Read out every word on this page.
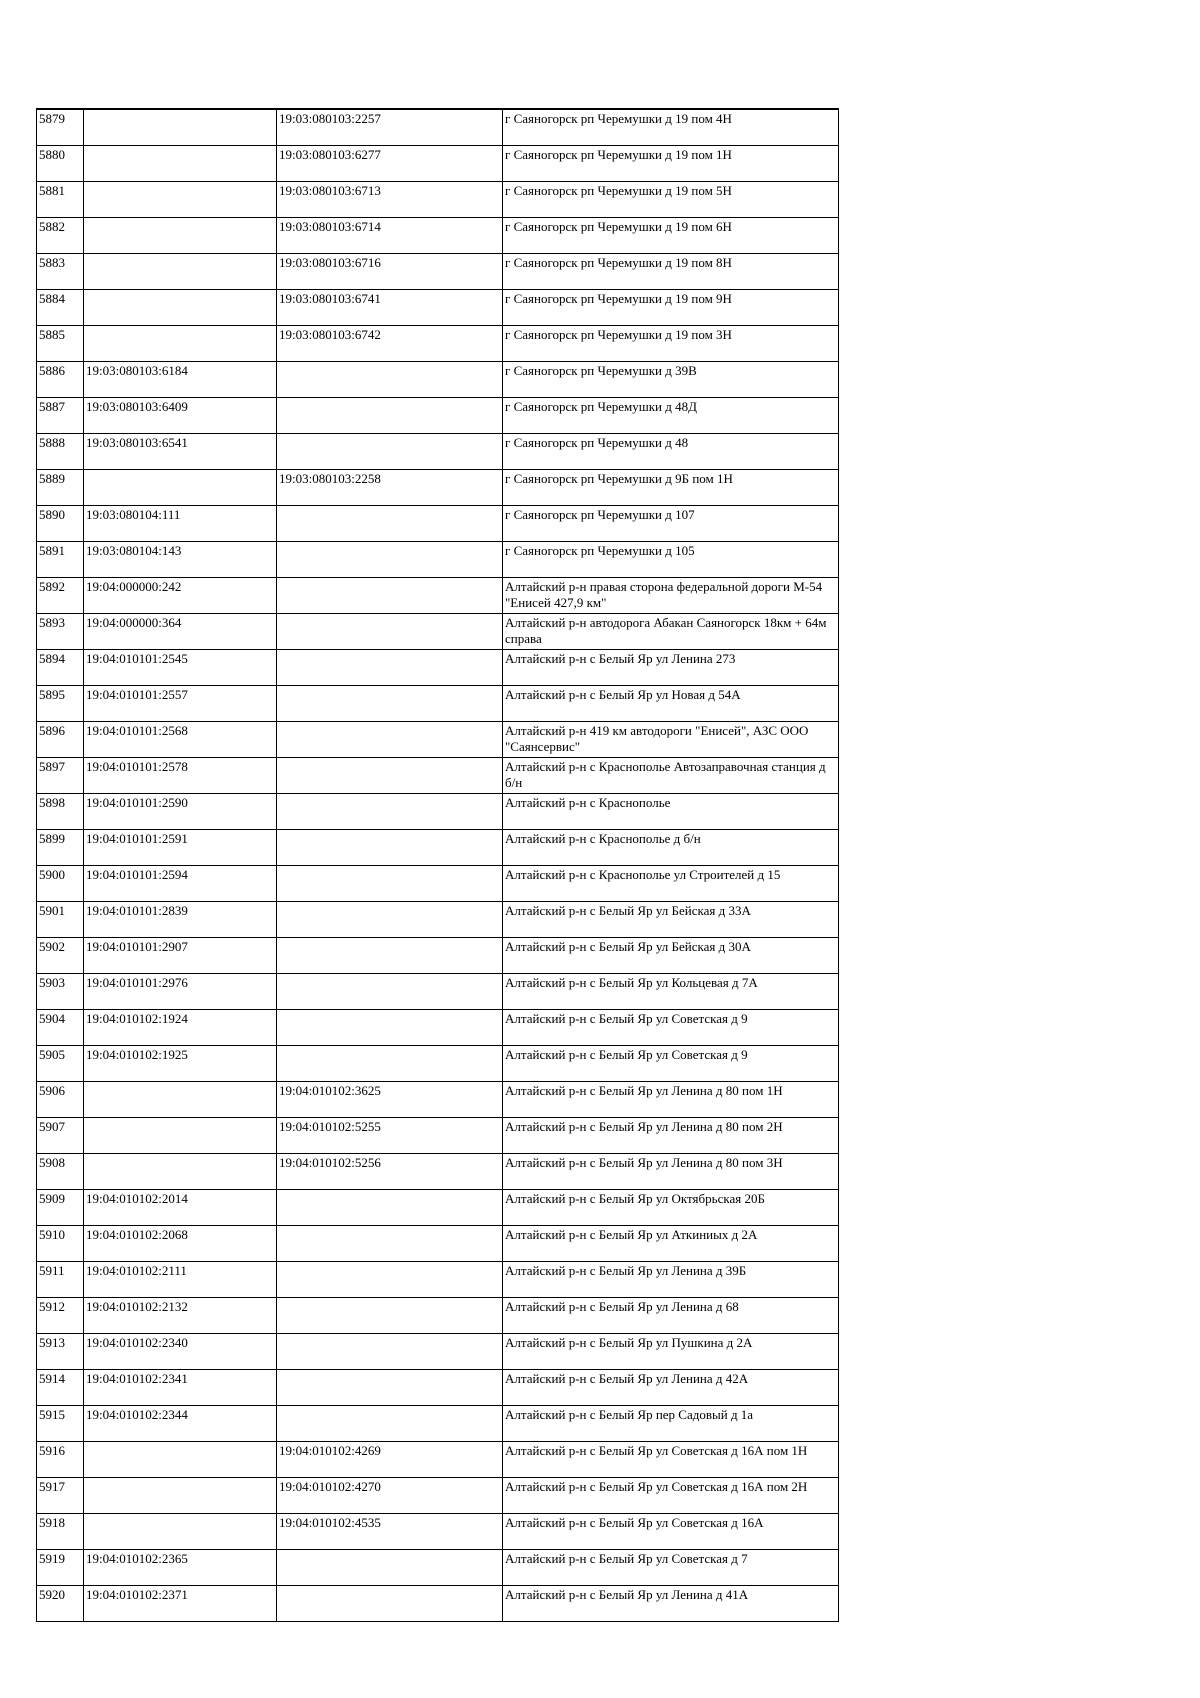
5879		19:03:080103:2257	г Саяногорск рп Черемушки д 19 пом 4Н
5880		19:03:080103:6277	г Саяногорск рп Черемушки д 19 пом 1Н
5881		19:03:080103:6713	г Саяногорск рп Черемушки д 19 пом 5Н
5882		19:03:080103:6714	г Саяногорск рп Черемушки д 19 пом 6Н
5883		19:03:080103:6716	г Саяногорск рп Черемушки д 19 пом 8Н
5884		19:03:080103:6741	г Саяногорск рп Черемушки д 19 пом 9Н
5885		19:03:080103:6742	г Саяногорск рп Черемушки д 19 пом 3Н
5886	19:03:080103:6184		г Саяногорск рп Черемушки д 39В
5887	19:03:080103:6409		г Саяногорск рп Черемушки д 48Д
5888	19:03:080103:6541		г Саяногорск рп Черемушки д 48
5889		19:03:080103:2258	г Саяногорск рп Черемушки д 9Б пом 1Н
5890	19:03:080104:111		г Саяногорск рп Черемушки д 107
5891	19:03:080104:143		г Саяногорск рп Черемушки д 105
5892	19:04:000000:242		Алтайский р-н правая сторона федеральной дороги М-54 "Енисей 427,9 км"
5893	19:04:000000:364		Алтайский р-н автодорога Абакан Саяногорск 18км + 64м справа
5894	19:04:010101:2545		Алтайский р-н с Белый Яр ул Ленина 273
5895	19:04:010101:2557		Алтайский р-н с Белый Яр ул Новая д 54А
5896	19:04:010101:2568		Алтайский р-н 419 км автодороги "Енисей", АЗС ООО "Саянсервис"
5897	19:04:010101:2578		Алтайский р-н с Краснополье Автозаправочная станция д б/н
5898	19:04:010101:2590		Алтайский р-н с Краснополье
5899	19:04:010101:2591		Алтайский р-н с Краснополье д б/н
5900	19:04:010101:2594		Алтайский р-н с Краснополье ул Строителей д 15
5901	19:04:010101:2839		Алтайский р-н с Белый Яр ул Бейская д 33А
5902	19:04:010101:2907		Алтайский р-н с Белый Яр ул Бейская д 30А
5903	19:04:010101:2976		Алтайский р-н с Белый Яр ул Кольцевая д 7А
5904	19:04:010102:1924		Алтайский р-н с Белый Яр ул Советская д 9
5905	19:04:010102:1925		Алтайский р-н с Белый Яр ул Советская д 9
5906		19:04:010102:3625	Алтайский р-н с Белый Яр ул Ленина д 80 пом 1Н
5907		19:04:010102:5255	Алтайский р-н с Белый Яр ул Ленина д 80 пом 2Н
5908		19:04:010102:5256	Алтайский р-н с Белый Яр ул Ленина д 80 пом 3Н
5909	19:04:010102:2014		Алтайский р-н с Белый Яр ул Октябрьская 20Б
5910	19:04:010102:2068		Алтайский р-н с Белый Яр ул Аткиниых д 2А
5911	19:04:010102:2111		Алтайский р-н с Белый Яр ул Ленина д 39Б
5912	19:04:010102:2132		Алтайский р-н с Белый Яр ул Ленина д 68
5913	19:04:010102:2340		Алтайский р-н с Белый Яр ул Пушкина д 2А
5914	19:04:010102:2341		Алтайский р-н с Белый Яр ул Ленина д 42А
5915	19:04:010102:2344		Алтайский р-н с Белый Яр пер Садовый д 1а
5916		19:04:010102:4269	Алтайский р-н с Белый Яр ул Советская д 16А пом 1Н
5917		19:04:010102:4270	Алтайский р-н с Белый Яр ул Советская д 16А пом 2Н
5918		19:04:010102:4535	Алтайский р-н с Белый Яр ул Советская д 16А
5919	19:04:010102:2365		Алтайский р-н с Белый Яр ул Советская д 7
5920	19:04:010102:2371		Алтайский р-н с Белый Яр ул Ленина д 41А
